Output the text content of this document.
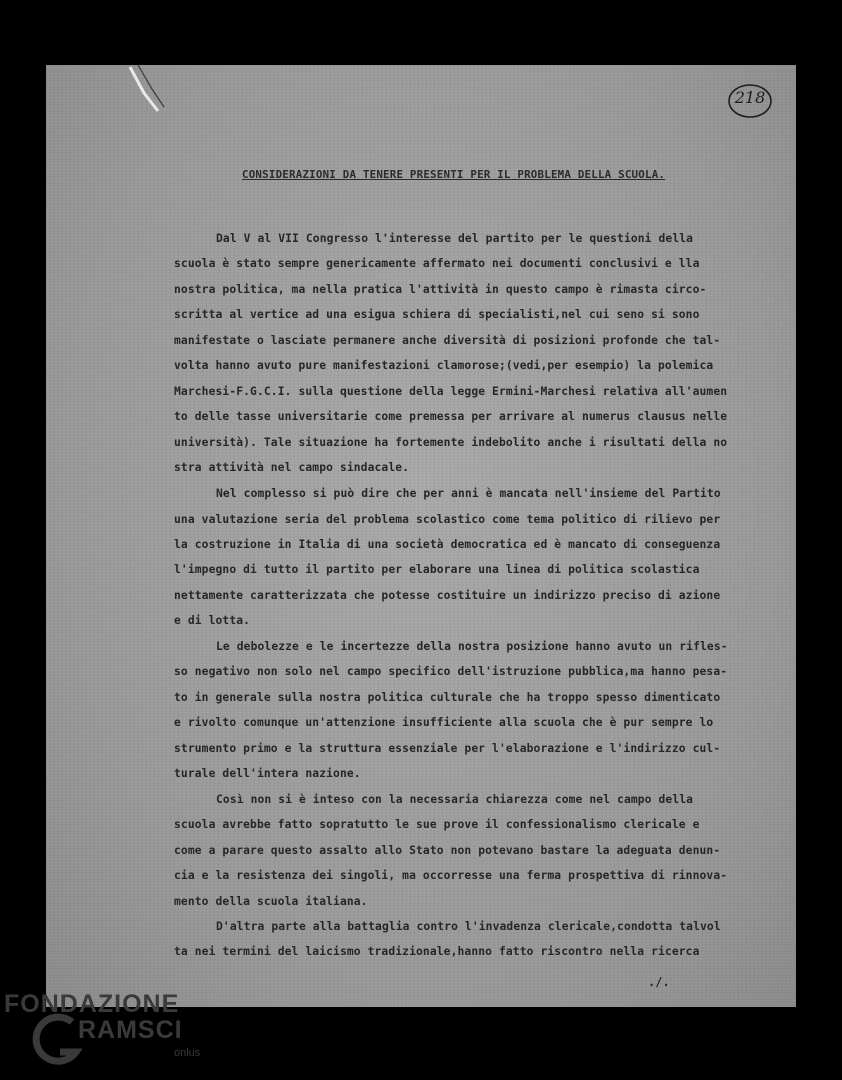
218
CONSIDERAZIONI DA TENERE PRESENTI PER IL PROBLEMA DELLA SCUOLA.
Dal V al VII Congresso l'interesse del partito per le questioni della
scuola è stato sempre genericamente affermato nei documenti conclusivi e lla
nostra politica, ma nella pratica l'attività in questo campo è rimasta circo-
scritta al vertice ad una esigua schiera di specialisti,nel cui seno si sono
manifestate o lasciate permanere anche diversità di posizioni profonde che tal-
volta hanno avuto pure manifestazioni clamorose;(vedi,per esempio) la polemica
Marchesi-F.G.C.I. sulla questione della legge Ermini-Marchesi relativa all'aumen
to delle tasse universitarie come premessa per arrivare al numerus clausus nelle
università). Tale situazione ha fortemente indebolito anche i risultati della no
stra attività nel campo sindacale.
Nel complesso si può dire che per anni è mancata nell'insieme del Partito
una valutazione seria del problema scolastico come tema politico di rilievo per
la costruzione in Italia di una società democratica ed è mancato di conseguenza
l'impegno di tutto il partito per elaborare una linea di politica scolastica
nettamente caratterizzata che potesse costituire un indirizzo preciso di azione
e di lotta.
Le debolezze e le incertezze della nostra posizione hanno avuto un rifles-
so negativo non solo nel campo specifico dell'istruzione pubblica,ma hanno pesa-
to in generale sulla nostra politica culturale che ha troppo spesso dimenticato
e rivolto comunque un'attenzione insufficiente alla scuola che è pur sempre lo
strumento primo e la struttura essenziale per l'elaborazione e l'indirizzo cul-
turale dell'intera nazione.
Così non si è inteso con la necessaria chiarezza come nel campo della
scuola avrebbe fatto sopratutto le sue prove il confessionalismo clericale e
come a parare questo assalto allo Stato non potevano bastare la adeguata denun-
cia e la resistenza dei singoli, ma occorresse una ferma prospettiva di rinnova-
mento della scuola italiana.
D'altra parte alla battaglia contro l'invadenza clericale,condotta talvol
ta nei termini del laicismo tradizionale,hanno fatto riscontro nella ricerca
./.
FONDAZIONE
RAMSCI
onlus
